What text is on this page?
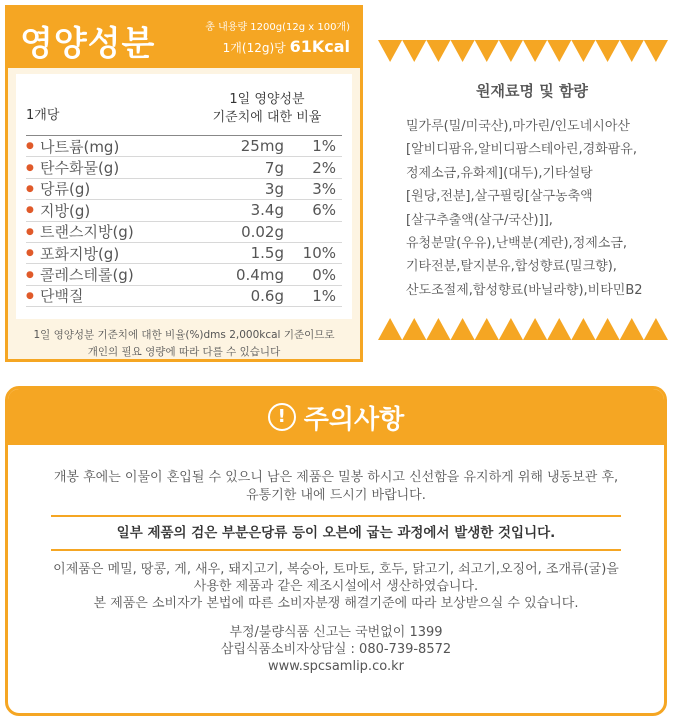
영양성분	총 내용량 1200g(12g x 100개)
1개(12g)당 61Kcal
1개당
1일 영양성분
기준치에 대한 비율
● 나트륨(mg)	25mg	1%
● 탄수화물(g)	7g	2%
● 당류(g)	3g	3%
● 지방(g)	3.4g	6%
● 트랜스지방(g)	0.02g
● 포화지방(g)	1.5g	10%
● 콜레스테롤(g)	0.4mg	0%
● 단백질	0.6g	1%
1일 영양성분 기준치에 대한 비율(%)dms 2,000kcal 기준이므로
개인의 필요 영량에 따라 다를 수 있습니다
원재료명 및 함량
밀가루(밀/미국산),마가린/인도네시아산
[알비디팜유,알비디팜스테아린,경화팜유,
정제소금,유화제](대두),기타설탕
[원당,전분],살구필링[살구농축액
[살구추출액(살구/국산)]],
유청분말(우유),난백분(계란),정제소금,
기타전분,탈지분유,합성향료(밀크향),
산도조절제,합성향료(바닐라향),비타민B2
! 주의사항
개봉 후에는 이물이 혼입될 수 있으니 남은 제품은 밀봉 하시고 신선함을 유지하게 위해 냉동보관 후,
유통기한 내에 드시기 바랍니다.
일부 제품의 검은 부분은당류 등이 오븐에 굽는 과정에서 발생한 것입니다.
이제품은 메밀, 땅콩, 게, 새우, 돼지고기, 복숭아, 토마토, 호두, 닭고기, 쇠고기,오징어, 조개류(굴)을
사용한 제품과 같은 제조시설에서 생산하였습니다.
본 제품은 소비자가 본법에 따른 소비자분쟁 해결기준에 따라 보상받으실 수 있습니다.
부정/불량식품 신고는 국번없이 1399
삼립식품소비자상담실 : 080-739-8572
www.spcsamlip.co.kr
